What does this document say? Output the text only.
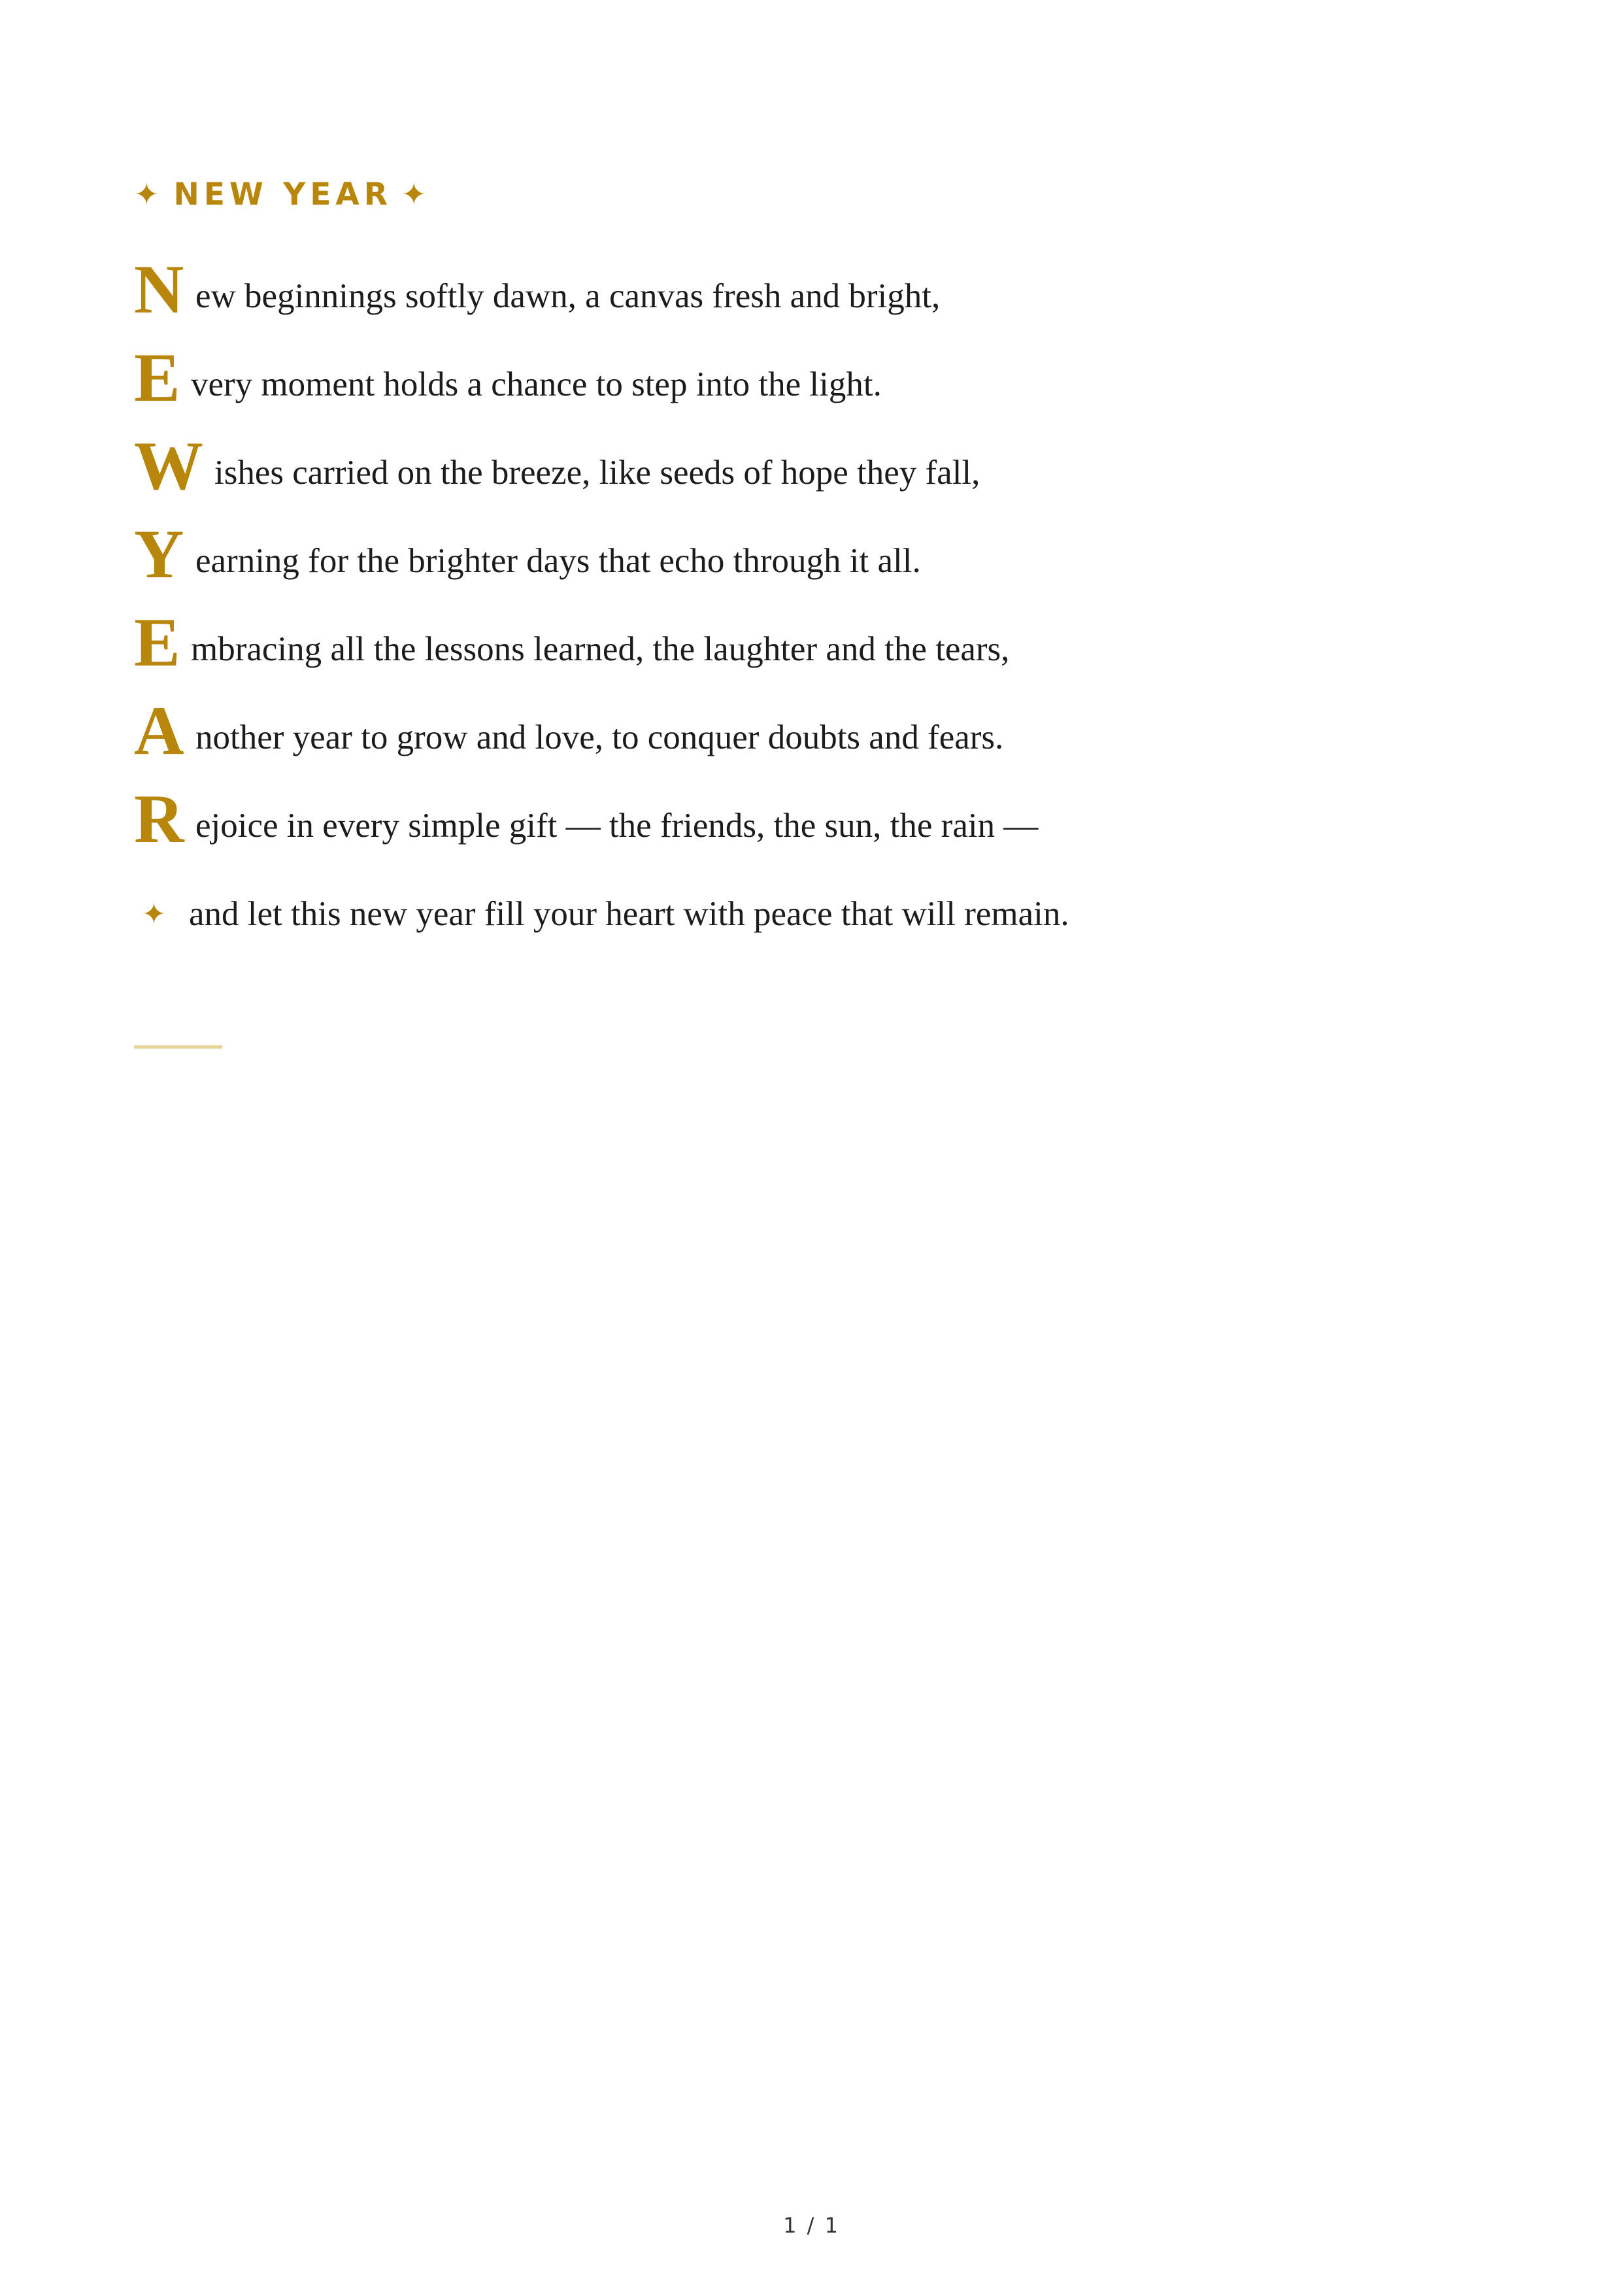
✦ NEW YEAR ✦
N ew beginnings softly dawn, a canvas fresh and bright,
E very moment holds a chance to step into the light.
W ishes carried on the breeze, like seeds of hope they fall,
Y earning for the brighter days that echo through it all.
E mbracing all the lessons learned, the laughter and the tears,
A nother year to grow and love, to conquer doubts and fears.
R ejoice in every simple gift — the friends, the sun, the rain —
✦ and let this new year fill your heart with peace that will remain.
1 / 1
